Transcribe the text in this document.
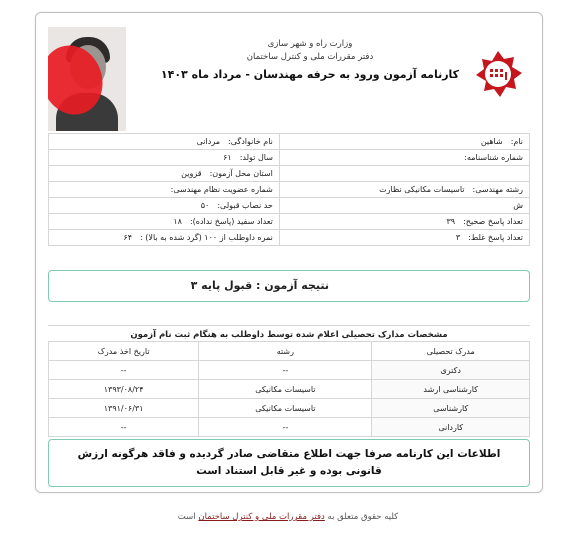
وزارت راه و شهر سازی
دفتر مقررات ملی و کنترل ساختمان
کارنامه آزمون ورود به حرفه مهندسان - مرداد ماه ۱۴۰۳
نام:شاهین	نام خانوادگی:مردانی
شماره شناسنامه:	سال تولد:۶۱
	استان محل آزمون:قزوین
رشته مهندسی:تاسیسات مکانیکی نظارت	شماره عضویت نظام مهندسی:
ش	حد نصاب قبولی:۵۰
تعداد پاسخ صحیح:۳۹	تعداد سفید (پاسخ نداده):۱۸
تعداد پاسخ غلط:۳	نمره داوطلب از ۱۰۰ (گرد شده به بالا) :۶۴
نتیجه آزمون : قبول پایه ۳
مشخصات مدارک تحصیلی اعلام شده توسط داوطلب به هنگام ثبت نام آزمون
مدرک تحصیلی	رشته	تاریخ اخذ مدرک
دکتری	--	--
کارشناسی ارشد	تاسیسات مکانیکی	۱۳۹۳/۰۸/۲۴
کارشناسی	تاسیسات مکانیکی	۱۳۹۱/۰۶/۳۱
کاردانی	--	--
اطلاعات این کارنامه صرفا جهت اطلاع متقاضی صادر گردیده و فاقد هرگونه ارزش قانونی بوده و غیر قابل استناد است
کلیه حقوق متعلق به دفتر مقررات ملی و کنترل ساختمان است
